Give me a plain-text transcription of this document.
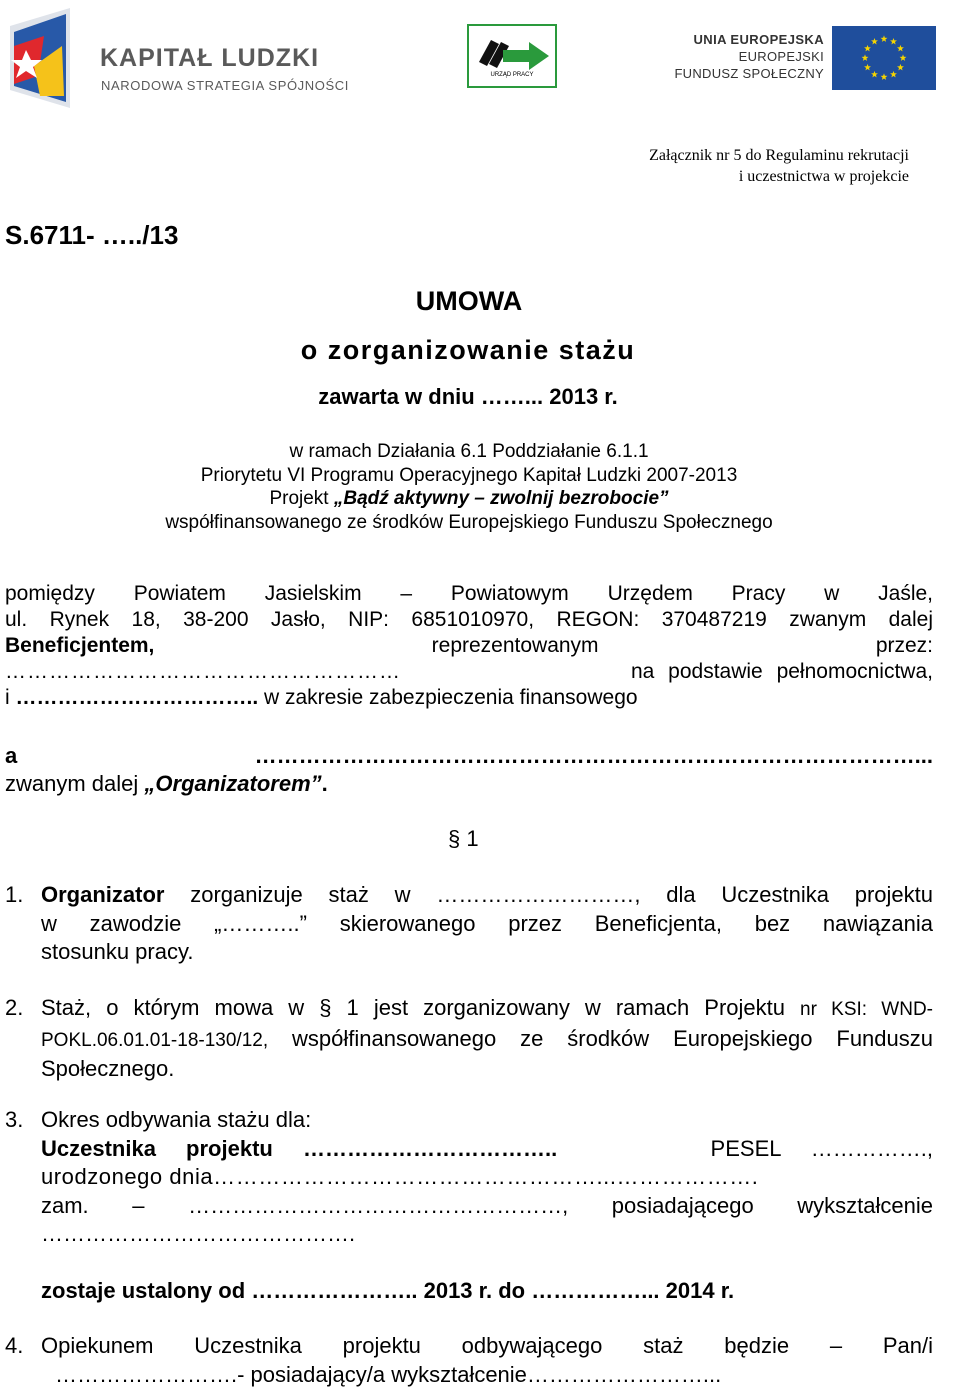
KAPITAŁ LUDZKI
NARODOWA STRATEGIA SPÓJNOŚCI
URZĄD PRACY
UNIA EUROPEJSKA
EUROPEJSKI
FUNDUSZ SPOŁECZNY
Załącznik nr 5 do Regulaminu rekrutacji
i uczestnictwa w projekcie
S.6711- …../13
UMOWA
o zorganizowanie stażu
zawarta w dniu ……... 2013 r.
w ramach Działania 6.1 Poddziałanie 6.1.1
Priorytetu VI Programu Operacyjnego Kapitał Ludzki 2007-2013
Projekt „Bądź aktywny – zwolnij bezrobocie”
współfinansowanego ze środków Europejskiego Funduszu Społecznego
pomiędzy Powiatem Jasielskim – Powiatowym Urzędem Pracy w Jaśle,
ul. Rynek 18, 38-200 Jasło, NIP: 6851010970, REGON: 370487219 zwanym dalej
Beneficjentem,	reprezentowanym	przez:
………………………………………………	na podstawie pełnomocnictwa,
i …………………………….. w zakresie zabezpieczenia finansowego
a	………………………………………………………………………………...
zwanym dalej „Organizatorem”.
§ 1
1. Organizator zorganizuje staż w ………………………, dla Uczestnika projektu
w zawodzie „………..” skierowanego przez Beneficjenta, bez nawiązania
stosunku pracy.
2. Staż, o którym mowa w § 1 jest zorganizowany w ramach Projektu nr KSI: WND-
POKL.06.01.01-18-130/12, współfinansowanego ze środków Europejskiego Funduszu
Społecznego.
3. Okres odbywania stażu dla:
Uczestnika projektu ……………………………..	PESEL …………….,
urodzonego dnia……………………………………………...……………….
zam. – ……………………………………………, posiadającego wykształcenie
…………………………………….
zostaje ustalony od ………………….. 2013 r. do ……………... 2014 r.
4. Opiekunem Uczestnika projektu odbywającego staż będzie – Pan/i
…………………….- posiadający/a wykształcenie……………………...
